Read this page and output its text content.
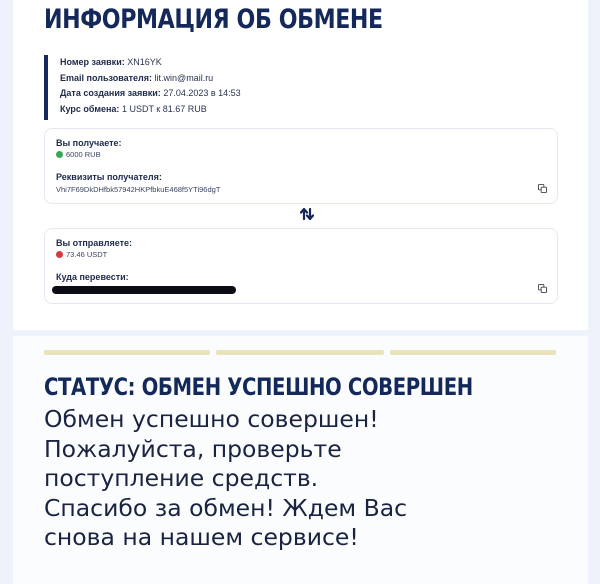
ИНФОРМАЦИЯ ОБ ОБМЕНЕ
Номер заявки: XN16YK
Email пользователя: lit.win@mail.ru
Дата создания заявки: 27.04.2023 в 14:53
Курс обмена: 1 USDT к 81.67 RUB
Вы получаете:
6000 RUB
Реквизиты получателя:
Vhi7F69DkDHfbk57942HKPfbkuE468f5YTi96dgT
Вы отправляете:
73.46 USDT
Куда перевести:
СТАТУС: ОБМЕН УСПЕШНО СОВЕРШЕН
Обмен успешно совершен! Пожалуйста, проверьте поступление средств. Спасибо за обмен! Ждем Вас снова на нашем сервисе!
